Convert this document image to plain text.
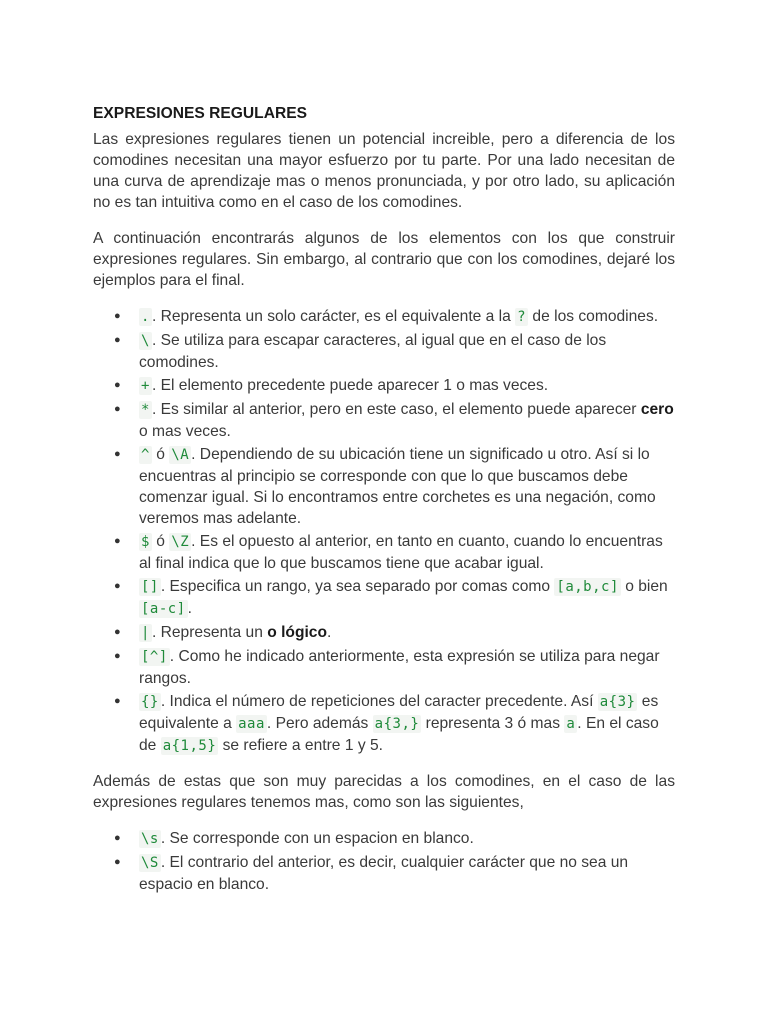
EXPRESIONES REGULARES

Las expresiones regulares tienen un potencial increible, pero a diferencia de los comodines necesitan una mayor esfuerzo por tu parte. Por una lado necesitan de una curva de aprendizaje mas o menos pronunciada, y por otro lado, su aplicación no es tan intuitiva como en el caso de los comodines.

A continuación encontrarás algunos de los elementos con los que construir expresiones regulares. Sin embargo, al contrario que con los comodines, dejaré los ejemplos para el final.

● . . Representa un solo carácter, es el equivalente a la ? de los comodines.
● \ . Se utiliza para escapar caracteres, al igual que en el caso de los comodines.
● + . El elemento precedente puede aparecer 1 o mas veces.
● * . Es similar al anterior, pero en este caso, el elemento puede aparecer cero o mas veces.
● ^ ó \A . Dependiendo de su ubicación tiene un significado u otro. Así si lo encuentras al principio se corresponde con que lo que buscamos debe comenzar igual. Si lo encontramos entre corchetes es una negación, como veremos mas adelante.
● $ ó \Z . Es el opuesto al anterior, en tanto en cuanto, cuando lo encuentras al final indica que lo que buscamos tiene que acabar igual.
● [] . Especifica un rango, ya sea separado por comas como [a,b,c] o bien [a-c] .
● | . Representa un o lógico.
● [^] . Como he indicado anteriormente, esta expresión se utiliza para negar rangos.
● {} . Indica el número de repeticiones del caracter precedente. Así a{3} es equivalente a aaa . Pero además a{3,} representa 3 ó mas a . En el caso de a{1,5} se refiere a entre 1 y 5.

Además de estas que son muy parecidas a los comodines, en el caso de las expresiones regulares tenemos mas, como son las siguientes,

● \s . Se corresponde con un espacion en blanco.
● \S . El contrario del anterior, es decir, cualquier carácter que no sea un espacio en blanco.
